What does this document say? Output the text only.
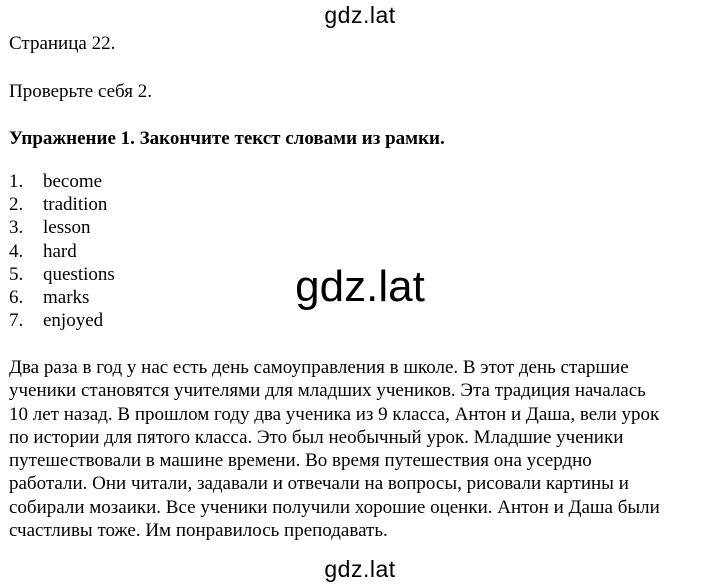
gdz.lat
Страница 22.
Проверьте себя 2.
Упражнение 1. Закончите текст словами из рамки.
1. become
2. tradition
3. lesson
4. hard
5. questions
6. marks
7. enjoyed
gdz.lat
Два раза в год у нас есть день самоуправления в школе. В этот день старшие
ученики становятся учителями для младших учеников. Эта традиция началась
10 лет назад. В прошлом году два ученика из 9 класса, Антон и Даша, вели урок
по истории для пятого класса. Это был необычный урок. Младшие ученики
путешествовали в машине времени. Во время путешествия она усердно
работали. Они читали, задавали и отвечали на вопросы, рисовали картины и
собирали мозаики. Все ученики получили хорошие оценки. Антон и Даша были
счастливы тоже. Им понравилось преподавать.
gdz.lat
